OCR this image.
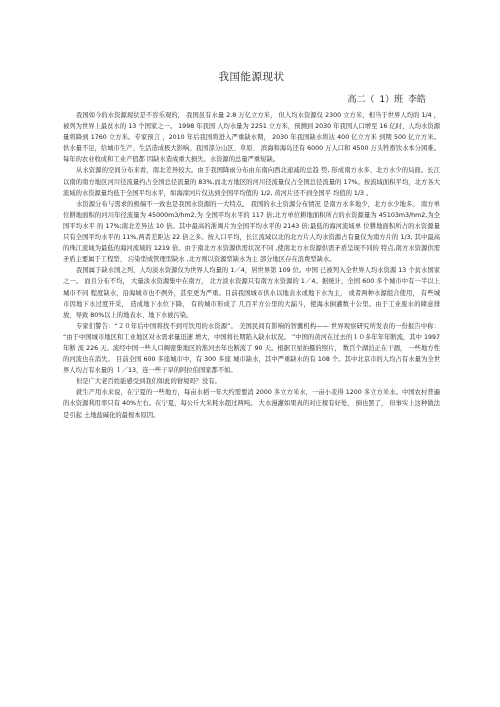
我国能源现状
高二（ 1）班 李皓

我国如今的水资源现状是不容乐观的， 我国虽有水量 2.8 万亿立方米， 但人均水资源仅 2300 立方米，相当于世界人均的 1/4 ，被列为世界上最贫水的 13 个国家之一。 1998 年我国 人均水量为 2251 立方米，预测到 2030 年我国人口增至 16 亿时，人均水资源量将降到 1760 立方米。专家预言 ，2010 年后我国将进入严重缺水期， 2030 年我国缺水将达 400 亿立方米 到期 500 亿立方米。供水量不足，给城市生产、生活造成极大影响。我国部分山区、草原、 滨海和海岛还有 6000 万人口和 4500 万头牲畜饮水本分困难。 每年的农业收成和工业产值都 因缺水造成重大损失。水资源的总量严重短缺。

从水资源的空间分布来看，南北差异较大。由于我国降雨分布由东南向西北递减的总趋 势, 形成南方水多、北方水少的局面。长江以南的南方地区河川径流量约占全国总径流量的 83%,而北方地区的河川径流量仅占全国总径流量的 17%。按流域面积平均，北方各大流域的水资源量均低于全国平均水平，如海滦河片仅达到全国平均值的 1/2, 黄河片还不到全国平 均值的 1/3 。

水资源分布与需求的极端不一致也是我国水资源的一大特点。 我国的水土资源分布情况 是南方水多地少，北方水少地多。 南方单位耕地面积的河川年径流量为 45000m3/hm2,为 全国平均水平的 117 倍;北方单位耕地面积所占的水资源量为 45103m3/hm2,为全国平均水平 的 17%;南北差异达 10 倍。其中最高的浙闽片为全国平均水平的 2143 倍;最低的海河流域单 位耕地面积所占的水资源量只有全国平均水平的 11%,两者差距达 22 倍之多。按人口平均，长江流域以北的北方片人均水资源占有量仅为南方片的 1/3, 其中最高的珠江流域为最低的海河流域的 1219 倍。由于南北方水资源供需状况不同 ,使南北方水资源供需矛盾呈现不同的 特点,南方水资源供需矛盾主要属于工程型、 污染型或管理型缺水 ,北方则以资源型缺水为主 部分地区存在浪费型缺水。

我国属于缺水国之列，人均淡水资源仅为世界人均量的 1／4，居世界第 109 位。中国 已被列入全世界人均水资源 13 个贫水国家之一。 而且分布不均， 大量淡水资源集中在南方， 北方淡水资源只有南方水资源的 1／4。据统计，全国 600 多个城市中有一半以上城市不同 程度缺水，沿海城市也不例外，甚至更为严重。目前我国城市供水以地表水或地下水为主， 或者两种水源组合使用， 有些城市因地下水过度开采， 造成地下水位下降， 有的城市形成了 几百平方公里的大漏斗，使海水倒灌数十公里。由于工业废水的肆意排放，导致 80%以上的地表水、地下水被污染。

专家们警告：“２０年后中国将找不到可饮用的水资源”。 美国民间有影响的智囊机构—— 世界观察研究所发表的一份报告中称： “由于中国城市地区和工业地区对水需求量迅速 增大，中国将长期陷入缺水状况。 ”中国的黄河在过去的１０多年年年断流，其中 1997 年断 流 226 天。流经中国一些人口稠密集地区的淮河去年也断流了 90 天。根据卫星拍摄的照片， 数百个湖泊正在干涸， 一些地方性的河流也在消失。 目前全国 600 多座城市中，有 300 多座 城市缺水，其中严重缺水的有 108 个。其中北京市的人均占有水量为全世界人均占有水量的 １／13，连一些干旱的阿拉伯国家都不如。

但是广大老百姓能感受到我们如此的窘境吗？没有。

就生产用水来说，在宁夏的一些地方，每亩水稻一年大约需要消 2000 多立方米水，一亩小麦得 1200 多立方米水。中国农村普遍的水资源利用率只有 40%左右。在宁夏，每公斤大米耗水超过两吨。 大水漫灌如果真的对庄稼有好处， 倒也罢了， 但事实上这种做法是引起 土地盐碱化的最根本原因。
